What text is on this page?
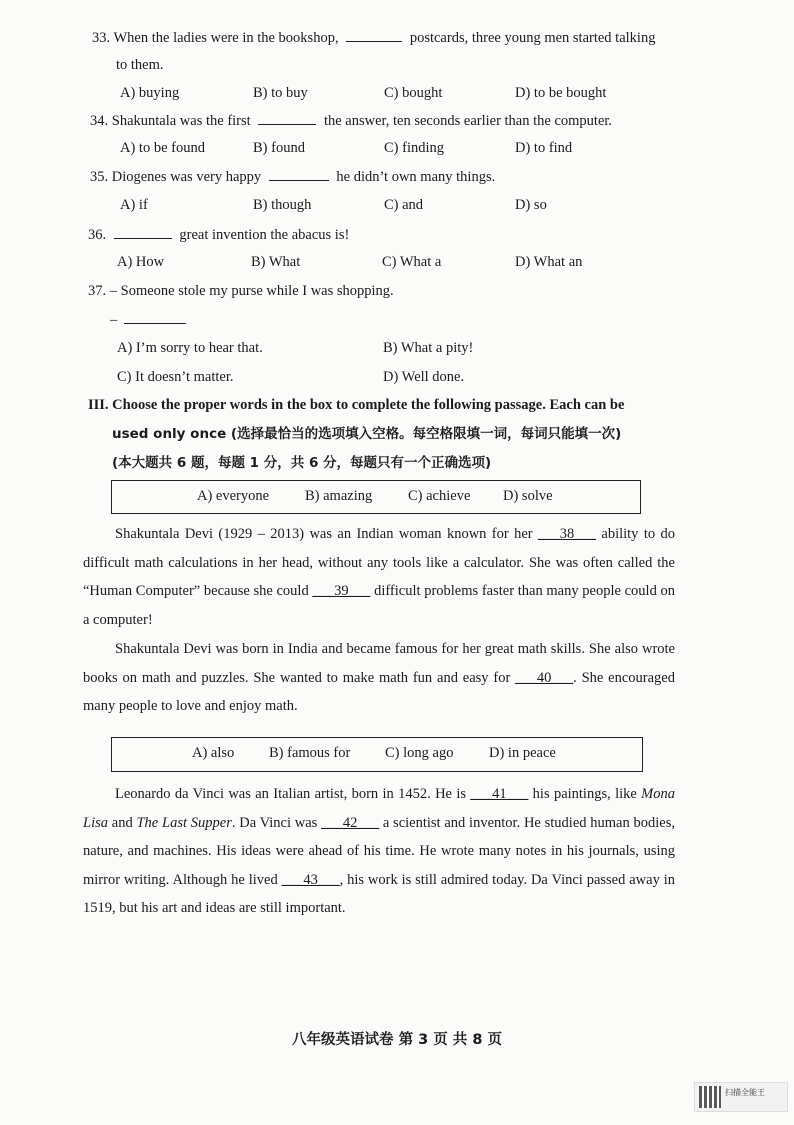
33. When the ladies were in the bookshop,	postcards, three young men started talking
to them.
A) buying	B) to buy	C) bought	D) to be bought
34. Shakuntala was the first	the answer, ten seconds earlier than the computer.
A) to be found	B) found	C) finding	D) to find
35. Diogenes was very happy	he didn’t own many things.
A) if	B) though	C) and	D) so
36.	great invention the abacus is!
A) How	B) What	C) What a	D) What an
37. – Someone stole my purse while I was shopping.
–
A) I’m sorry to hear that.	B) What a pity!
C) It doesn’t matter.	D) Well done.
III. Choose the proper words in the box to complete the following passage. Each can be
used only once (选择最恰当的选项填入空格。每空格限填一词，每词只能填一次)
(本大题共 6 题，每题 1 分，共 6 分，每题只有一个正确选项)
A) everyone B) amazing C) achieve D) solve
Shakuntala Devi (1929 – 2013) was an Indian woman known for her ___38___ ability to do difficult math calculations in her head, without any tools like a calculator. She was often called the “Human Computer” because she could ___39___ difficult problems faster than many people could on a computer!
Shakuntala Devi was born in India and became famous for her great math skills. She also wrote books on math and puzzles. She wanted to make math fun and easy for ___40___. She encouraged many people to love and enjoy math.
A) also B) famous for C) long ago D) in peace
Leonardo da Vinci was an Italian artist, born in 1452. He is ___41___ his paintings, like Mona Lisa and The Last Supper. Da Vinci was ___42___ a scientist and inventor. He studied human bodies, nature, and machines. His ideas were ahead of his time. He wrote many notes in his journals, using mirror writing. Although he lived ___43___, his work is still admired today. Da Vinci passed away in 1519, but his art and ideas are still important.
八年级英语试卷 第 3 页 共 8 页
扫描全能王
